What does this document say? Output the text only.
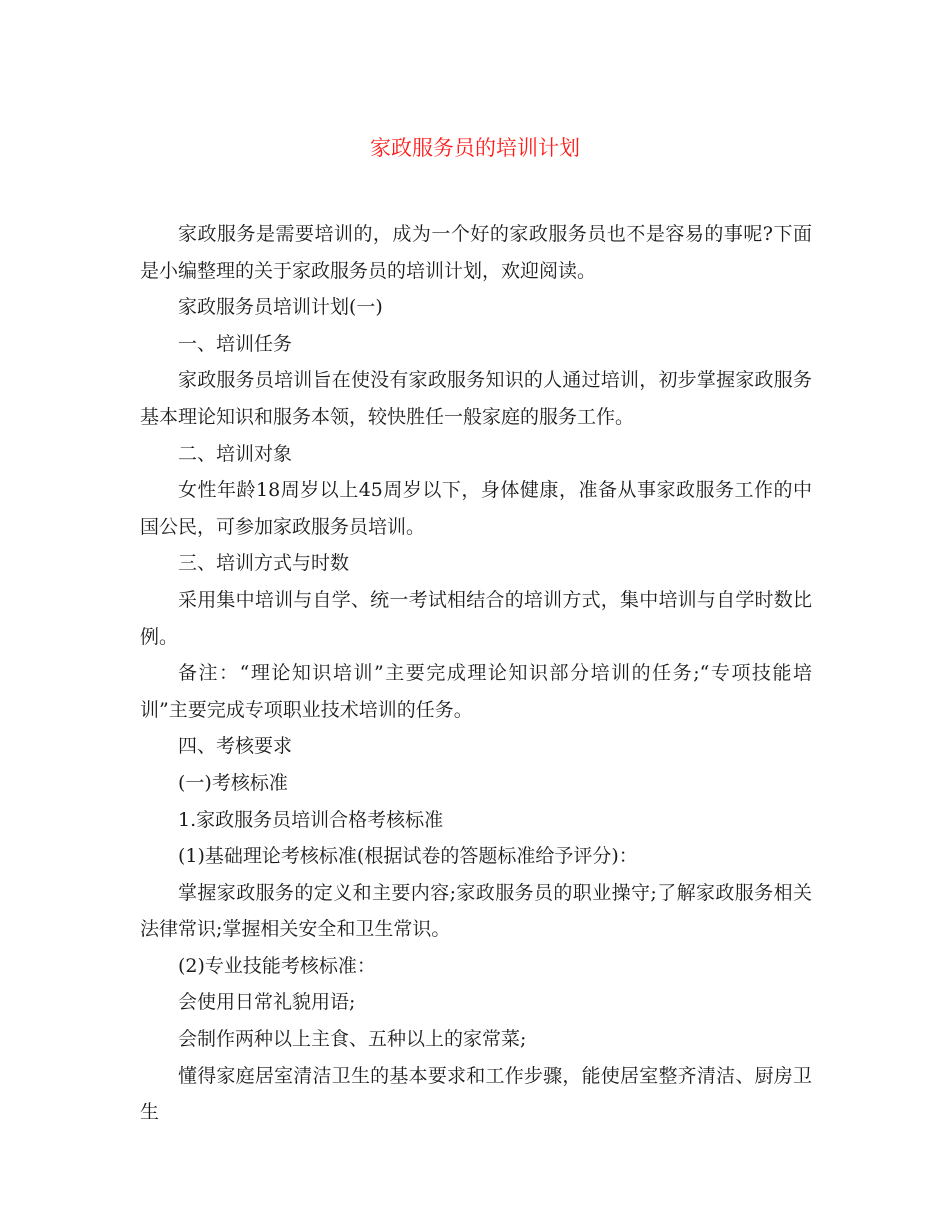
家政服务员的培训计划

家政服务是需要培训的，成为一个好的家政服务员也不是容易的事呢?下面是小编整理的关于家政服务员的培训计划，欢迎阅读。

家政服务员培训计划(一)

一、培训任务

家政服务员培训旨在使没有家政服务知识的人通过培训，初步掌握家政服务基本理论知识和服务本领，较快胜任一般家庭的服务工作。

二、培训对象

女性年龄18周岁以上45周岁以下，身体健康，准备从事家政服务工作的中国公民，可参加家政服务员培训。

三、培训方式与时数

采用集中培训与自学、统一考试相结合的培训方式，集中培训与自学时数比例。

备注：“理论知识培训”主要完成理论知识部分培训的任务;“专项技能培训”主要完成专项职业技术培训的任务。

四、考核要求

(一)考核标准

1.家政服务员培训合格考核标准

(1)基础理论考核标准(根据试卷的答题标准给予评分)：

掌握家政服务的定义和主要内容;家政服务员的职业操守;了解家政服务相关法律常识;掌握相关安全和卫生常识。

(2)专业技能考核标准：

会使用日常礼貌用语;

会制作两种以上主食、五种以上的家常菜;

懂得家庭居室清洁卫生的基本要求和工作步骤，能使居室整齐清洁、厨房卫生
